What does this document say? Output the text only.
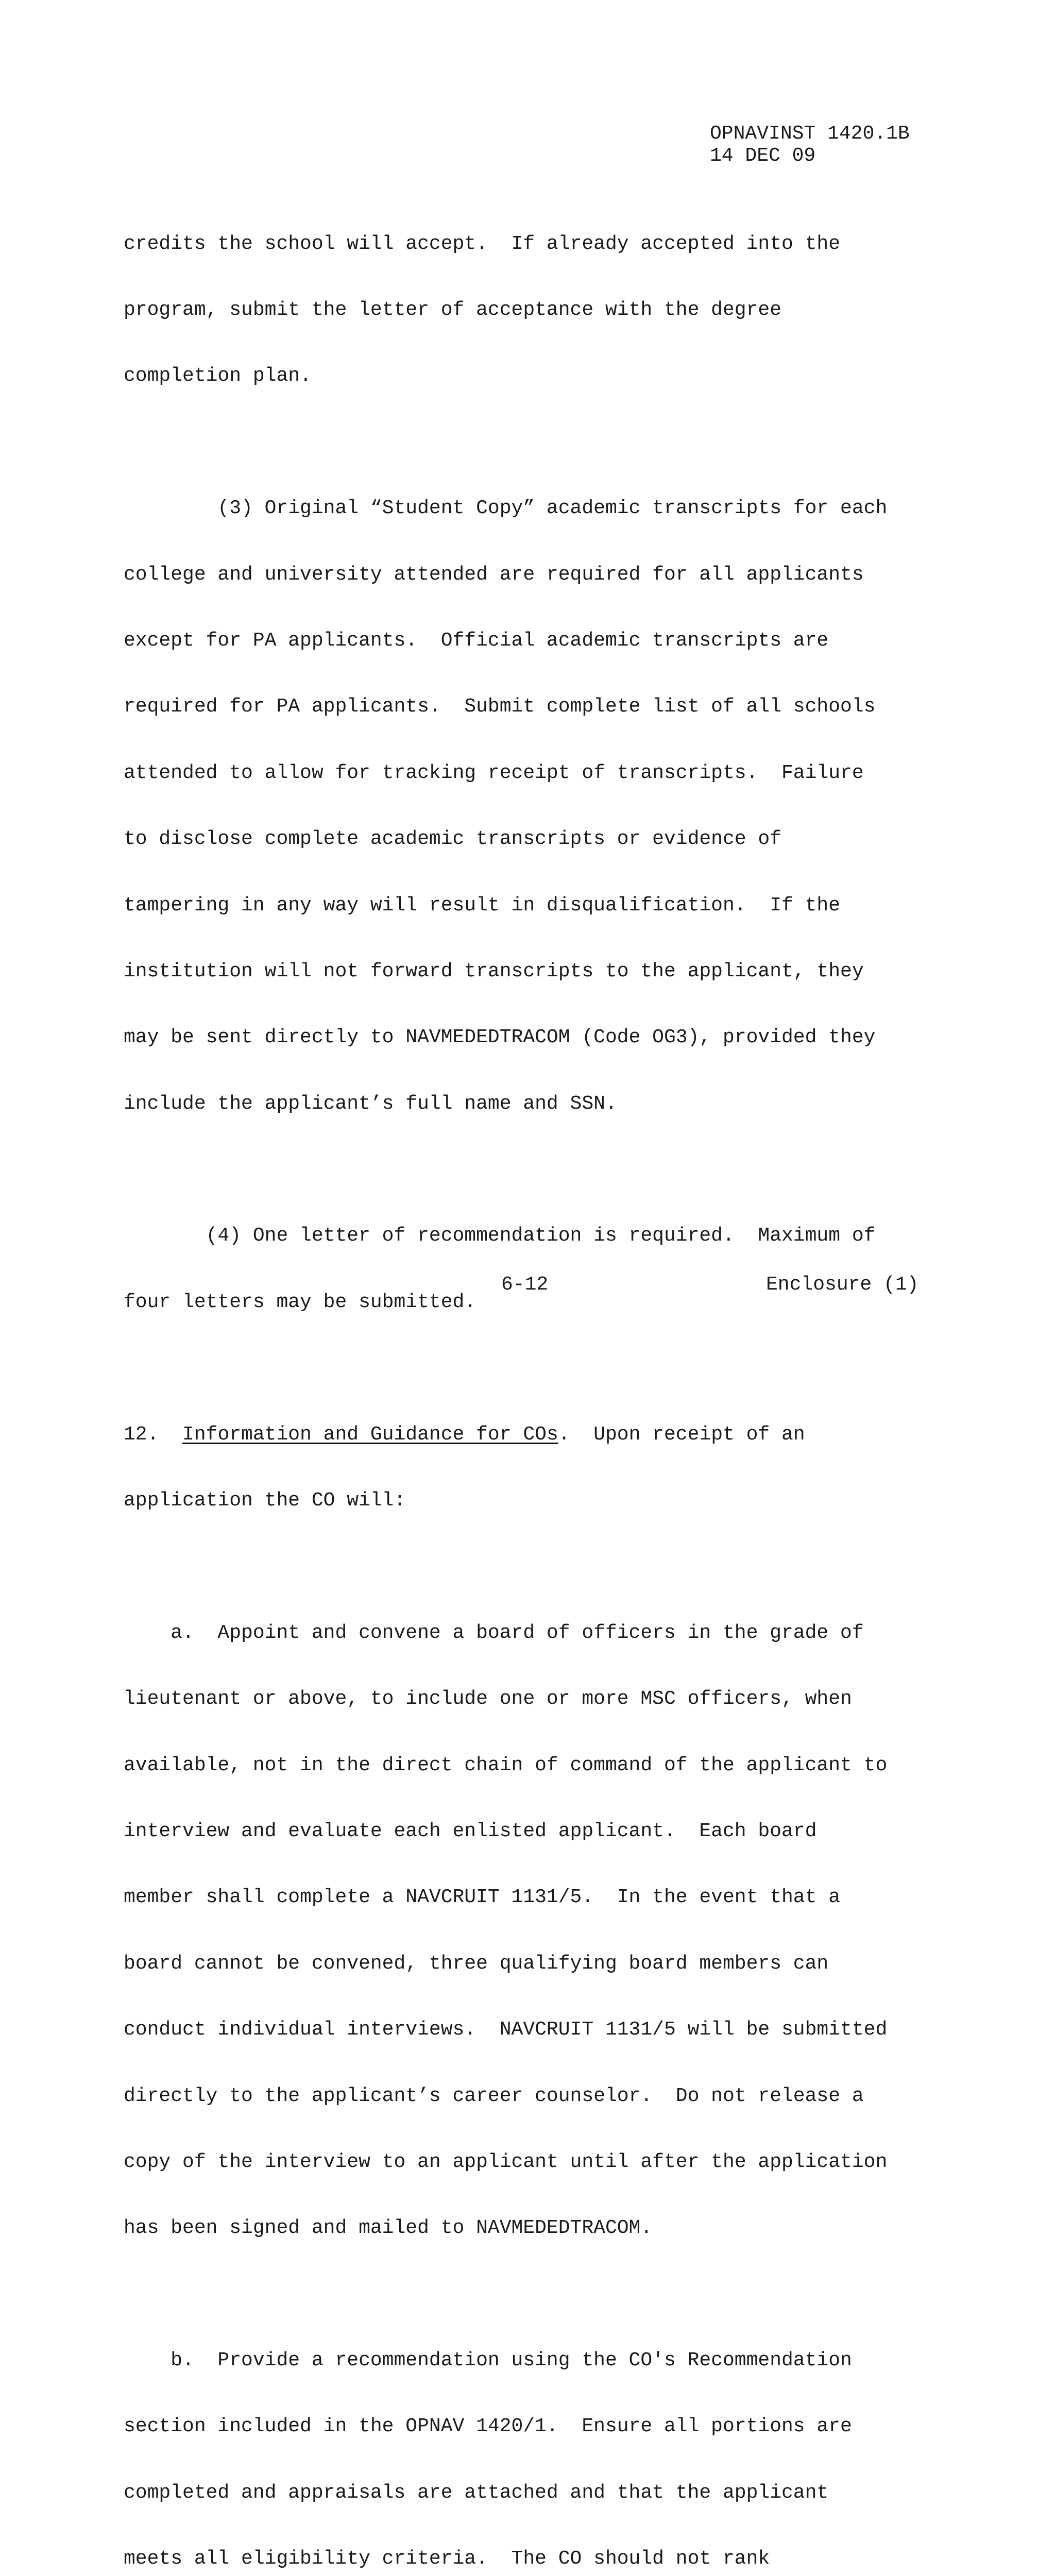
OPNAVINST 1420.1B
14 DEC 09

credits the school will accept.  If already accepted into the

program, submit the letter of acceptance with the degree

completion plan.

(3) Original “Student Copy” academic transcripts for each

college and university attended are required for all applicants

except for PA applicants.  Official academic transcripts are

required for PA applicants.  Submit complete list of all schools

attended to allow for tracking receipt of transcripts.  Failure

to disclose complete academic transcripts or evidence of

tampering in any way will result in disqualification.  If the

institution will not forward transcripts to the applicant, they

may be sent directly to NAVMEDEDTRACOM (Code OG3), provided they

include the applicant’s full name and SSN.

(4) One letter of recommendation is required.  Maximum of

four letters may be submitted.

12.  Information and Guidance for COs.  Upon receipt of an

application the CO will:

a.  Appoint and convene a board of officers in the grade of

lieutenant or above, to include one or more MSC officers, when

available, not in the direct chain of command of the applicant to

interview and evaluate each enlisted applicant.  Each board

member shall complete a NAVCRUIT 1131/5.  In the event that a

board cannot be convened, three qualifying board members can

conduct individual interviews.  NAVCRUIT 1131/5 will be submitted

directly to the applicant’s career counselor.  Do not release a

copy of the interview to an applicant until after the application

has been signed and mailed to NAVMEDEDTRACOM.

b.  Provide a recommendation using the CO's Recommendation

section included in the OPNAV 1420/1.  Ensure all portions are

completed and appraisals are attached and that the applicant

meets all eligibility criteria.  The CO should not rank

6-12	Enclosure (1)
